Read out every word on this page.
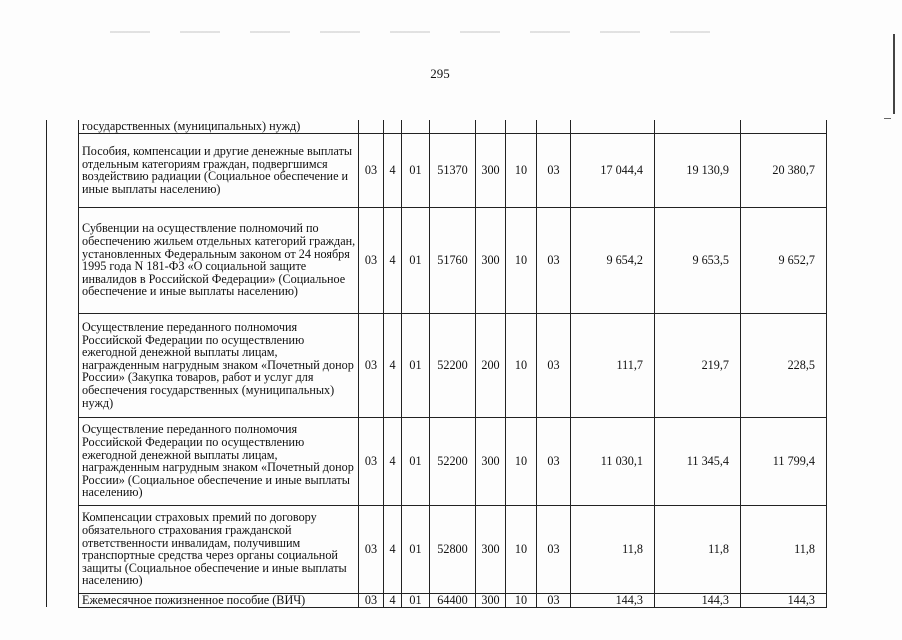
295
	государственных (муниципальных) нужд)										
	Пособия, компенсации и другие денежные выплаты отдельным категориям граждан, подвергшимся воздействию радиации (Социальное обеспечение и иные выплаты населению)	03	4	01	51370	300	10	03	17 044,4	19 130,9	20 380,7
	Субвенции на осуществление полномочий по обеспечению жильем отдельных категорий граждан, установленных Федеральным законом от 24 ноября 1995 года N 181-ФЗ «О социальной защите инвалидов в Российской Федерации» (Социальное обеспечение и иные выплаты населению)	03	4	01	51760	300	10	03	9 654,2	9 653,5	9 652,7
	Осуществление переданного полномочия Российской Федерации по осуществлению ежегодной денежной выплаты лицам, награжденным нагрудным знаком «Почетный донор России» (Закупка товаров, работ и услуг для обеспечения государственных (муниципальных) нужд)	03	4	01	52200	200	10	03	111,7	219,7	228,5
	Осуществление переданного полномочия Российской Федерации по осуществлению ежегодной денежной выплаты лицам, награжденным нагрудным знаком «Почетный донор России» (Социальное обеспечение и иные выплаты населению)	03	4	01	52200	300	10	03	11 030,1	11 345,4	11 799,4
	Компенсации страховых премий по договору обязательного страхования гражданской ответственности инвалидам, получившим транспортные средства через органы социальной защиты (Социальное обеспечение и иные выплаты населению)	03	4	01	52800	300	10	03	11,8	11,8	11,8
	Ежемесячное пожизненное пособие (ВИЧ)	03	4	01	64400	300	10	03	144,3	144,3	144,3
